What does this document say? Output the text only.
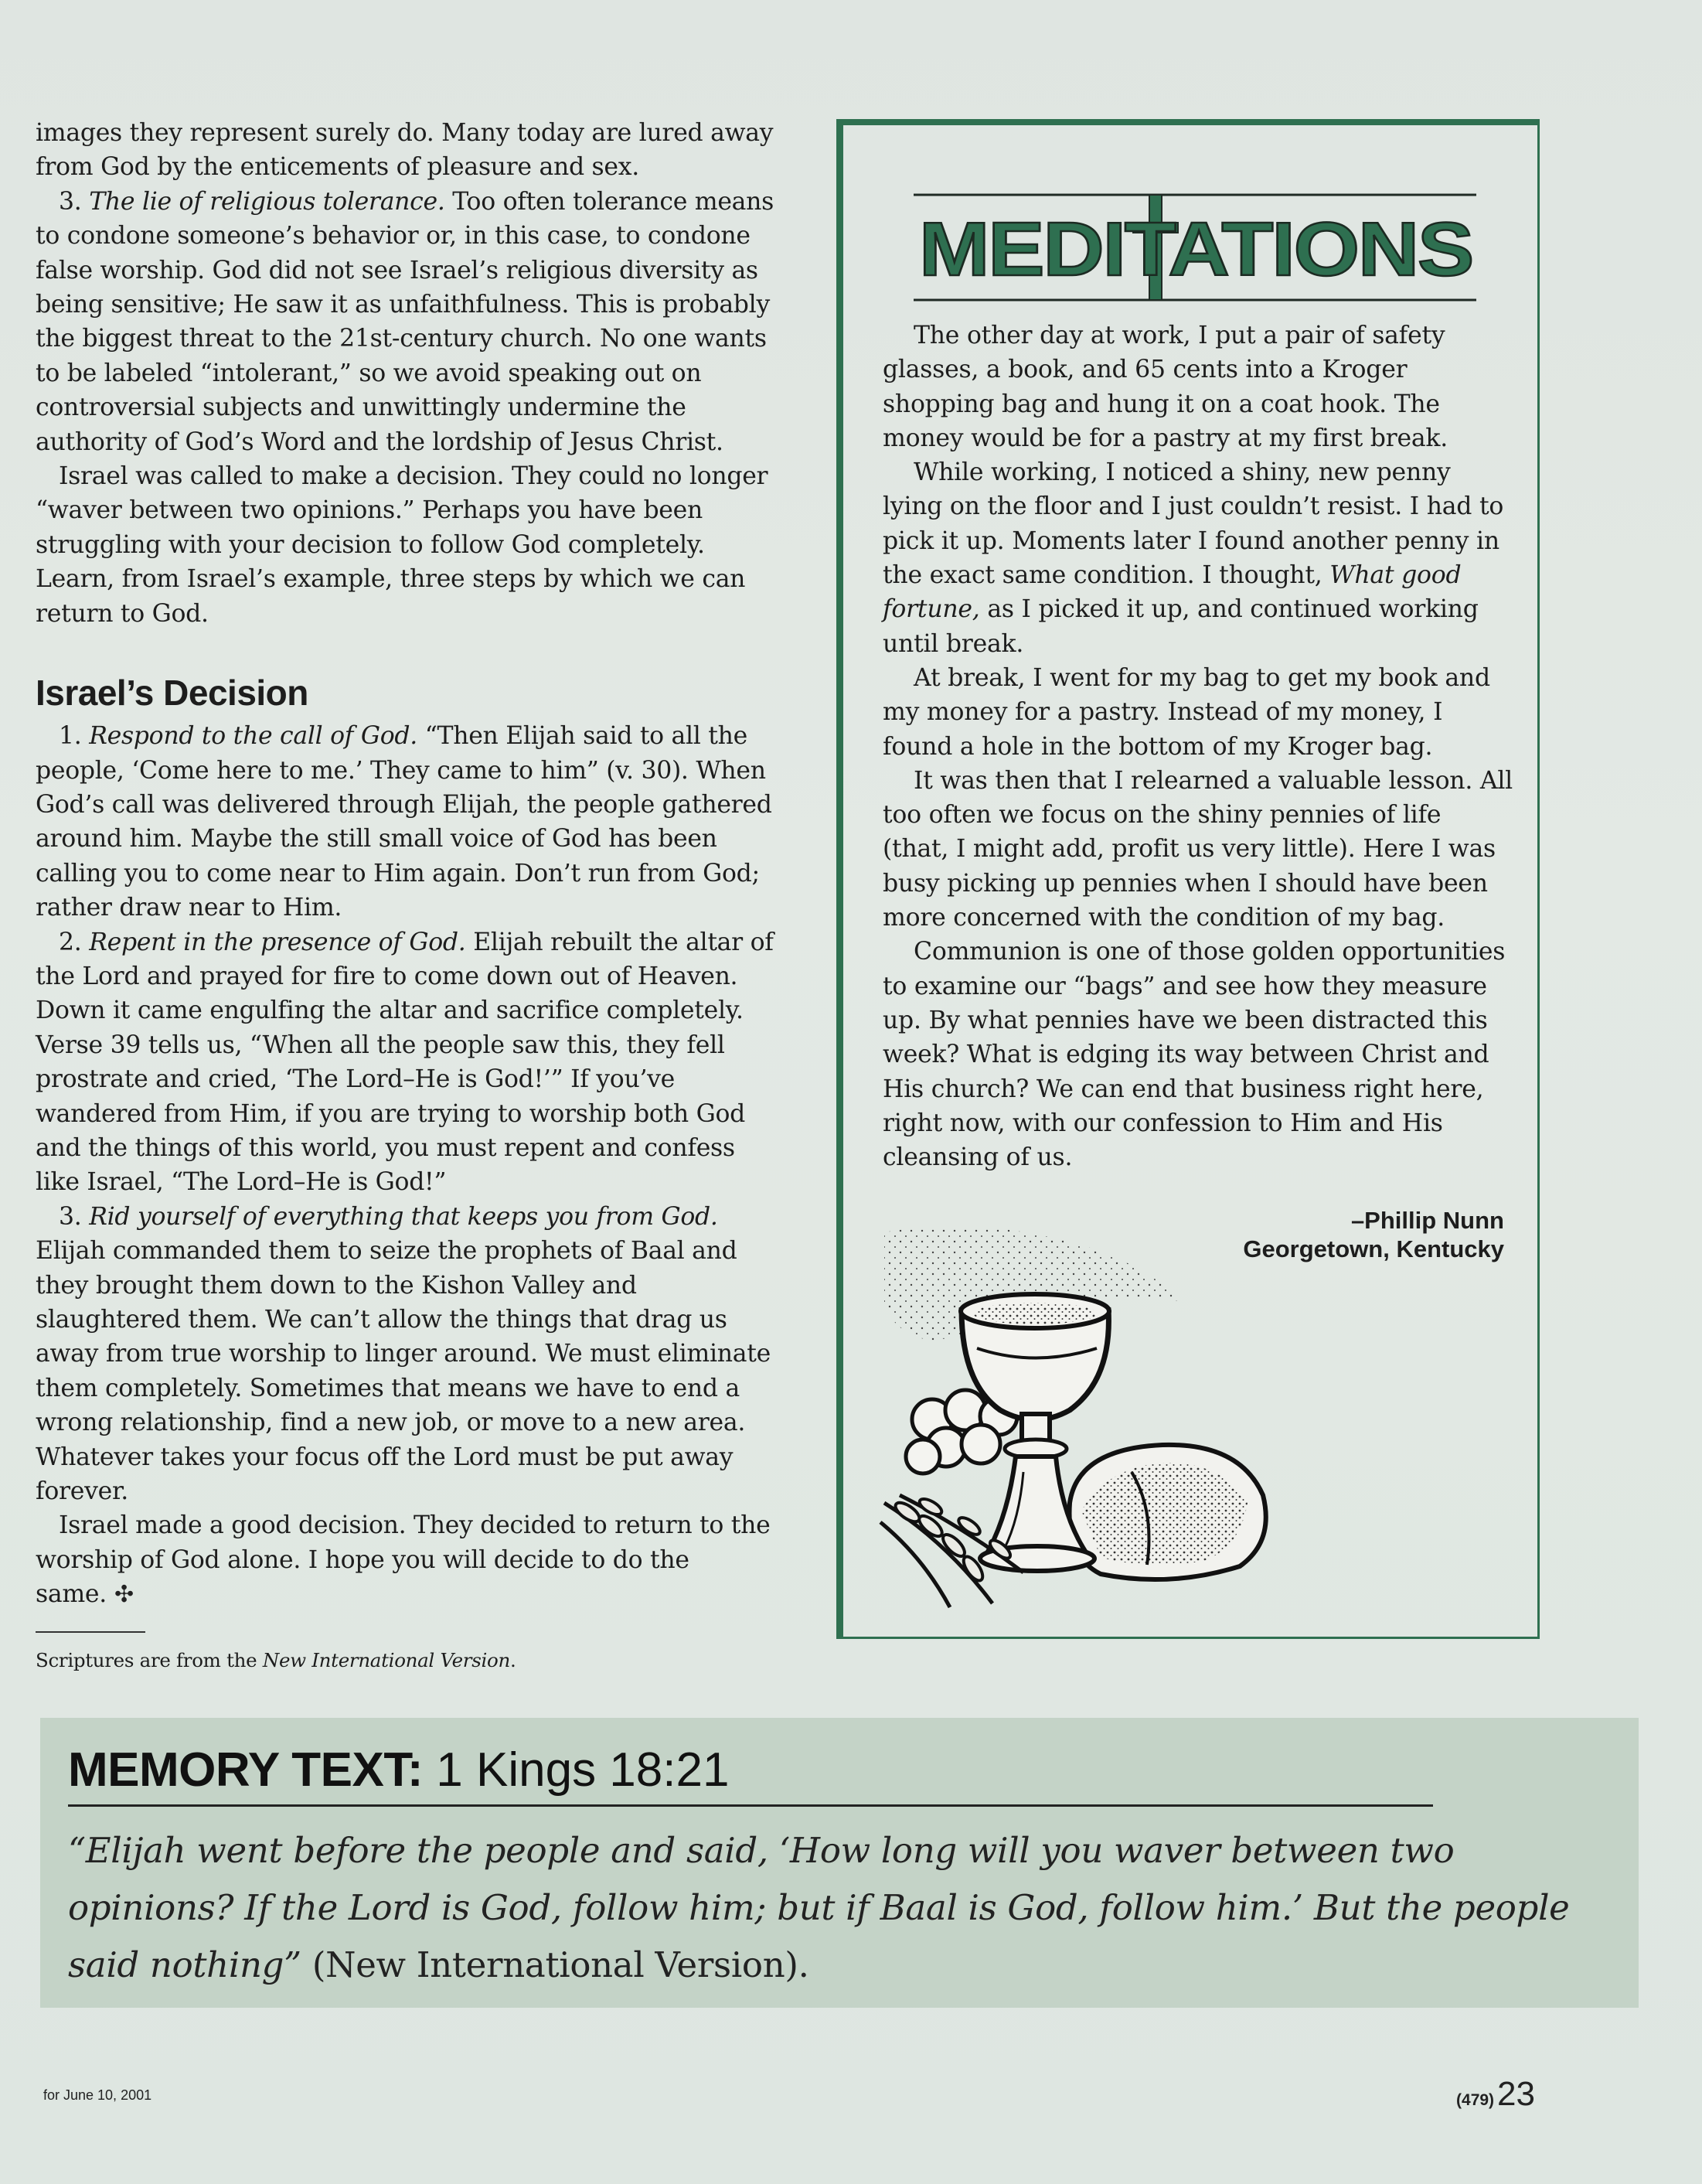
images they represent surely do. Many today are lured away from God by the enticements of pleasure and sex.

3. The lie of religious tolerance. Too often tolerance means to condone someone’s behavior or, in this case, to condone false worship. God did not see Israel’s religious diversity as being sensitive; He saw it as unfaithfulness. This is probably the biggest threat to the 21st-century church. No one wants to be labeled “intolerant,” so we avoid speaking out on controversial subjects and unwittingly undermine the authority of God’s Word and the lordship of Jesus Christ.

Israel was called to make a decision. They could no longer “waver between two opinions.” Perhaps you have been struggling with your decision to follow God completely. Learn, from Israel’s example, three steps by which we can return to God.

Israel’s Decision

1. Respond to the call of God. “Then Elijah said to all the people, ‘Come here to me.’ They came to him” (v. 30). When God’s call was delivered through Elijah, the people gathered around him. Maybe the still small voice of God has been calling you to come near to Him again. Don’t run from God; rather draw near to Him.

2. Repent in the presence of God. Elijah rebuilt the altar of the Lord and prayed for fire to come down out of Heaven. Down it came engulfing the altar and sacrifice completely. Verse 39 tells us, “When all the people saw this, they fell prostrate and cried, ‘The Lord–He is God!’” If you’ve wandered from Him, if you are trying to worship both God and the things of this world, you must repent and confess like Israel, “The Lord–He is God!”

3. Rid yourself of everything that keeps you from God. Elijah commanded them to seize the prophets of Baal and they brought them down to the Kishon Valley and slaughtered them. We can’t allow the things that drag us away from true worship to linger around. We must eliminate them completely. Sometimes that means we have to end a wrong relationship, find a new job, or move to a new area. Whatever takes your focus off the Lord must be put away forever.

Israel made a good decision. They decided to return to the worship of God alone. I hope you will decide to do the same. ✣

Scriptures are from the New International Version.

MEDITATIONS

The other day at work, I put a pair of safety glasses, a book, and 65 cents into a Kroger shopping bag and hung it on a coat hook. The money would be for a pastry at my first break.

While working, I noticed a shiny, new penny lying on the floor and I just couldn’t resist. I had to pick it up. Moments later I found another penny in the exact same condition. I thought, What good fortune, as I picked it up, and continued working until break.

At break, I went for my bag to get my book and my money for a pastry. Instead of my money, I found a hole in the bottom of my Kroger bag.

It was then that I relearned a valuable lesson. All too often we focus on the shiny pennies of life (that, I might add, profit us very little). Here I was busy picking up pennies when I should have been more concerned with the condition of my bag.

Communion is one of those golden opportunities to examine our “bags” and see how they measure up. By what pennies have we been distracted this week? What is edging its way between Christ and His church? We can end that business right here, right now, with our confession to Him and His cleansing of us.

–Phillip Nunn
Georgetown, Kentucky
MEMORY TEXT: 1 Kings 18:21
“Elijah went before the people and said, ‘How long will you waver between two opinions? If the Lord is God, follow him; but if Baal is God, follow him.’ But the people said nothing” (New International Version).
for June 10, 2001	(479)23
